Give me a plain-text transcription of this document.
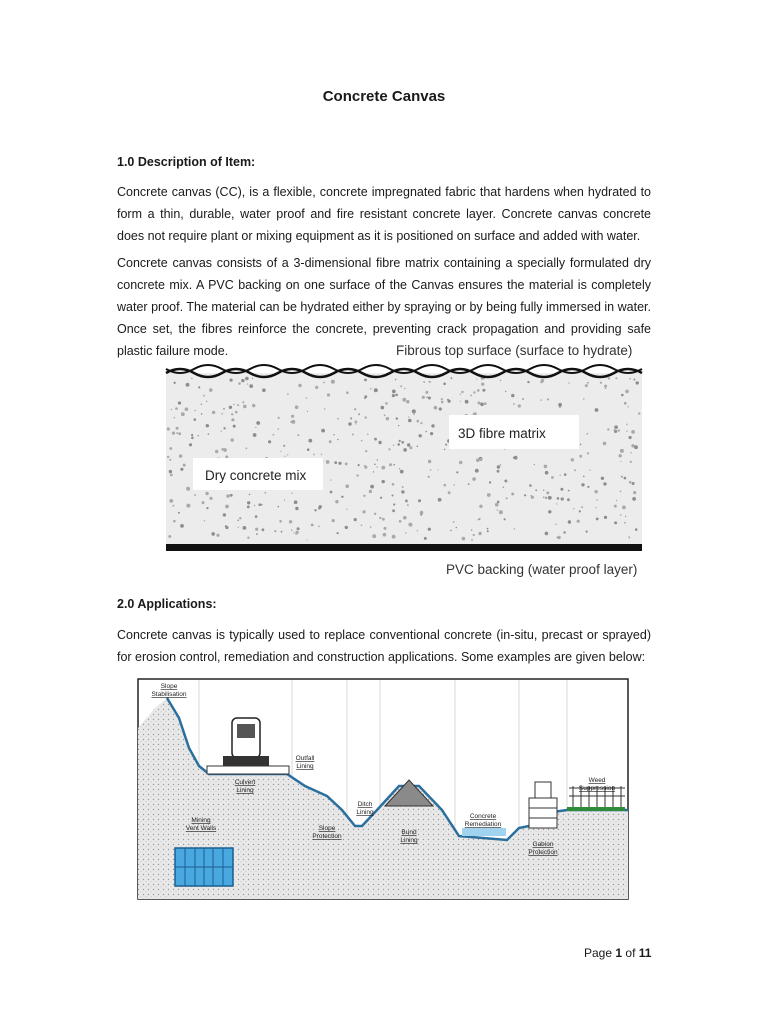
Concrete Canvas
1.0 Description of Item:

Concrete canvas (CC), is a flexible, concrete impregnated fabric that hardens when hydrated to form a thin, durable, water proof and fire resistant concrete layer. Concrete canvas concrete does not require plant or mixing equipment as it is positioned on surface and added with water.

Concrete canvas consists of a 3-dimensional fibre matrix containing a specially formulated dry concrete mix. A PVC backing on one surface of the Canvas ensures the material is completely water proof. The material can be hydrated either by spraying or by being fully immersed in water. Once set, the fibres reinforce the concrete, preventing crack propagation and providing safe plastic failure mode.	Fibrous top surface (surface to hydrate)
3D fibre matrix
Dry concrete mix
PVC backing (water proof layer)
2.0 Applications:

Concrete canvas is typically used to replace conventional concrete (in-situ, precast or sprayed) for erosion control, remediation and construction applications. Some examples are given below:

Slope Stabilisation
Outfall Lining
Culvert Lining
Weed Suppression
Mining Vent Walls
Ditch Lining
Concrete Remediation
Slope Protection
Bund Lining
Gabion Protection
Page 1 of 11
